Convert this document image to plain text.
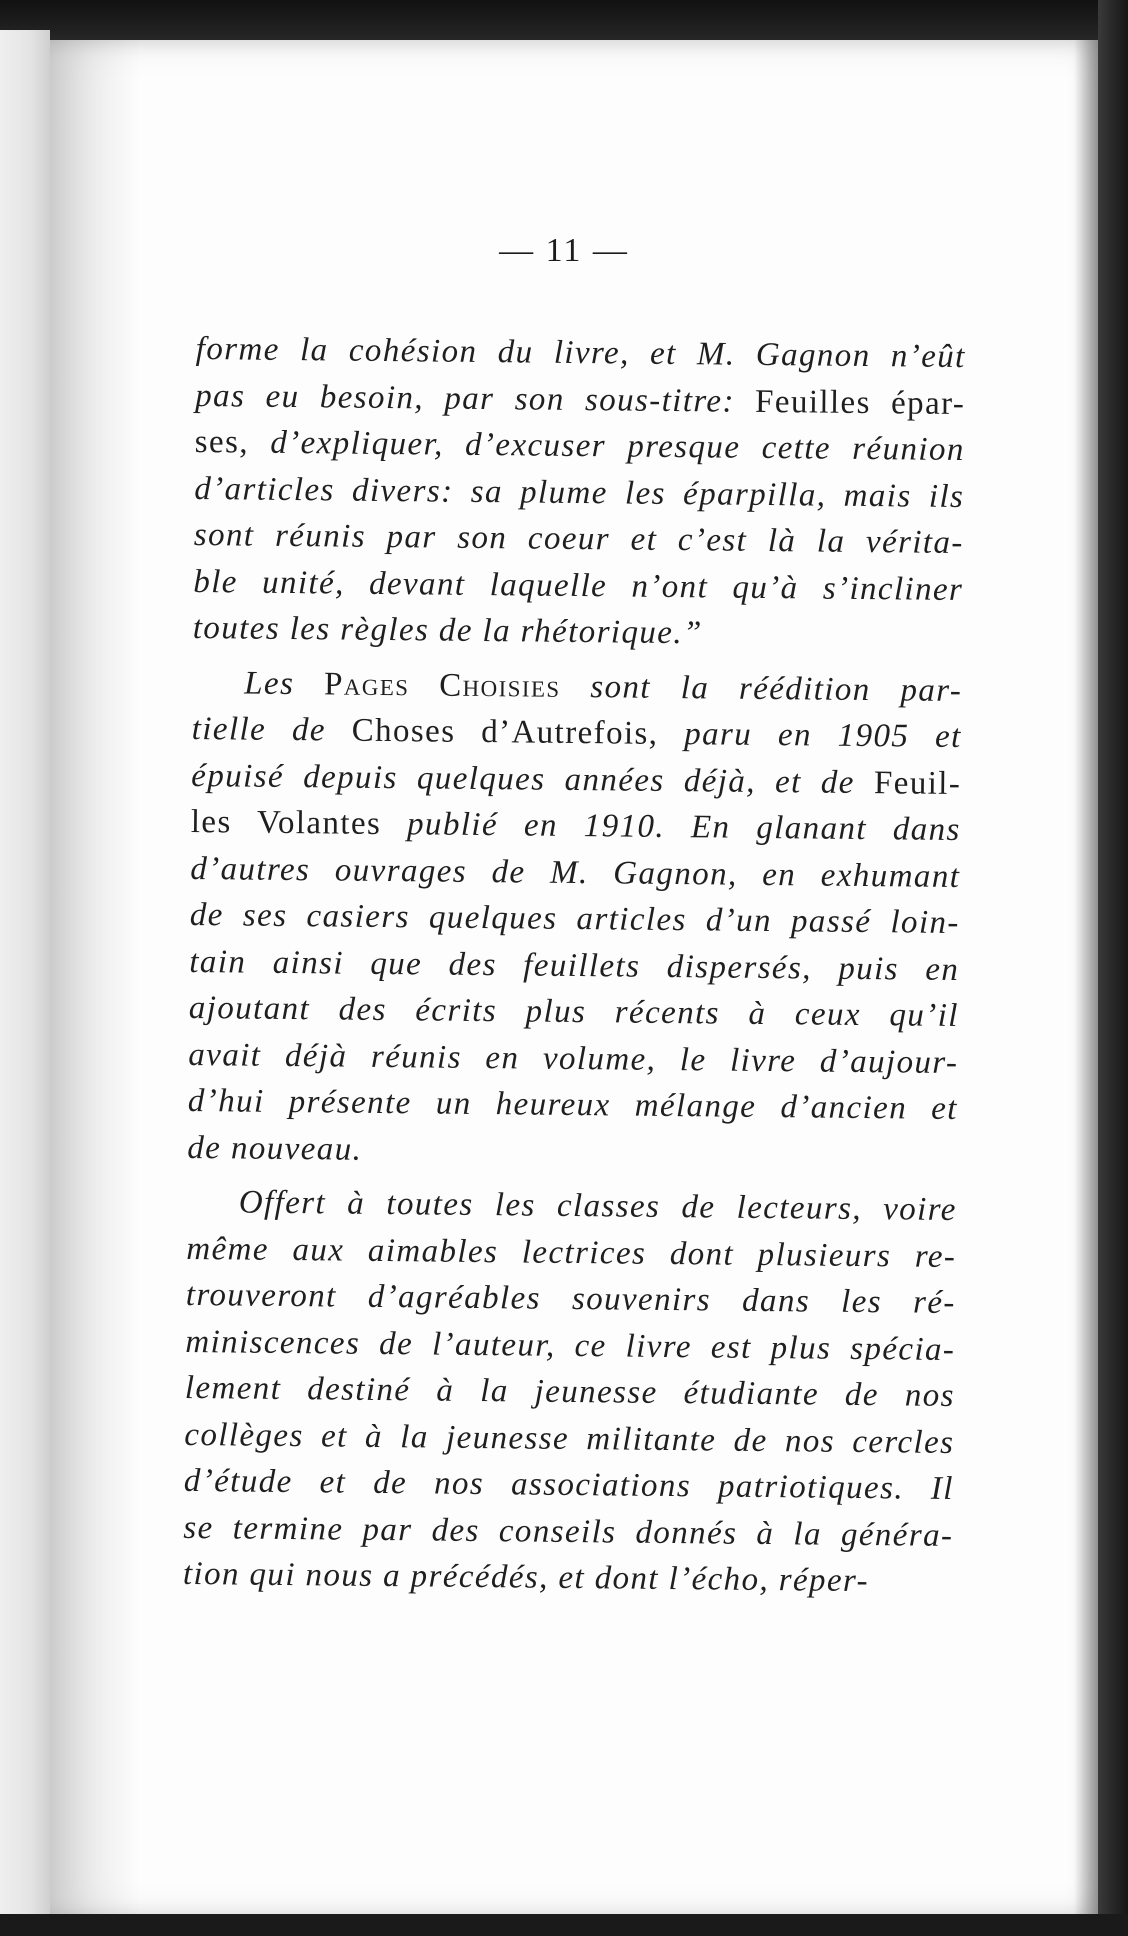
— 11 —
forme la cohésion du livre, et M. Gagnon n’eût
pas eu besoin, par son sous-titre: Feuilles épar-
ses, d’expliquer, d’excuser presque cette réunion
d’articles divers: sa plume les éparpilla, mais ils
sont réunis par son coeur et c’est là la vérita-
ble unité, devant laquelle n’ont qu’à s’incliner
toutes les règles de la rhétorique.”
Les Pages Choisies sont la réédition par-
tielle de Choses d’Autrefois, paru en 1905 et
épuisé depuis quelques années déjà, et de Feuil-
les Volantes publié en 1910. En glanant dans
d’autres ouvrages de M. Gagnon, en exhumant
de ses casiers quelques articles d’un passé loin-
tain ainsi que des feuillets dispersés, puis en
ajoutant des écrits plus récents à ceux qu’il
avait déjà réunis en volume, le livre d’aujour-
d’hui présente un heureux mélange d’ancien et
de nouveau.
Offert à toutes les classes de lecteurs, voire
même aux aimables lectrices dont plusieurs re-
trouveront d’agréables souvenirs dans les ré-
miniscences de l’auteur, ce livre est plus spécia-
lement destiné à la jeunesse étudiante de nos
collèges et à la jeunesse militante de nos cercles
d’étude et de nos associations patriotiques. Il
se termine par des conseils donnés à la généra-
tion qui nous a précédés, et dont l’écho, réper-
